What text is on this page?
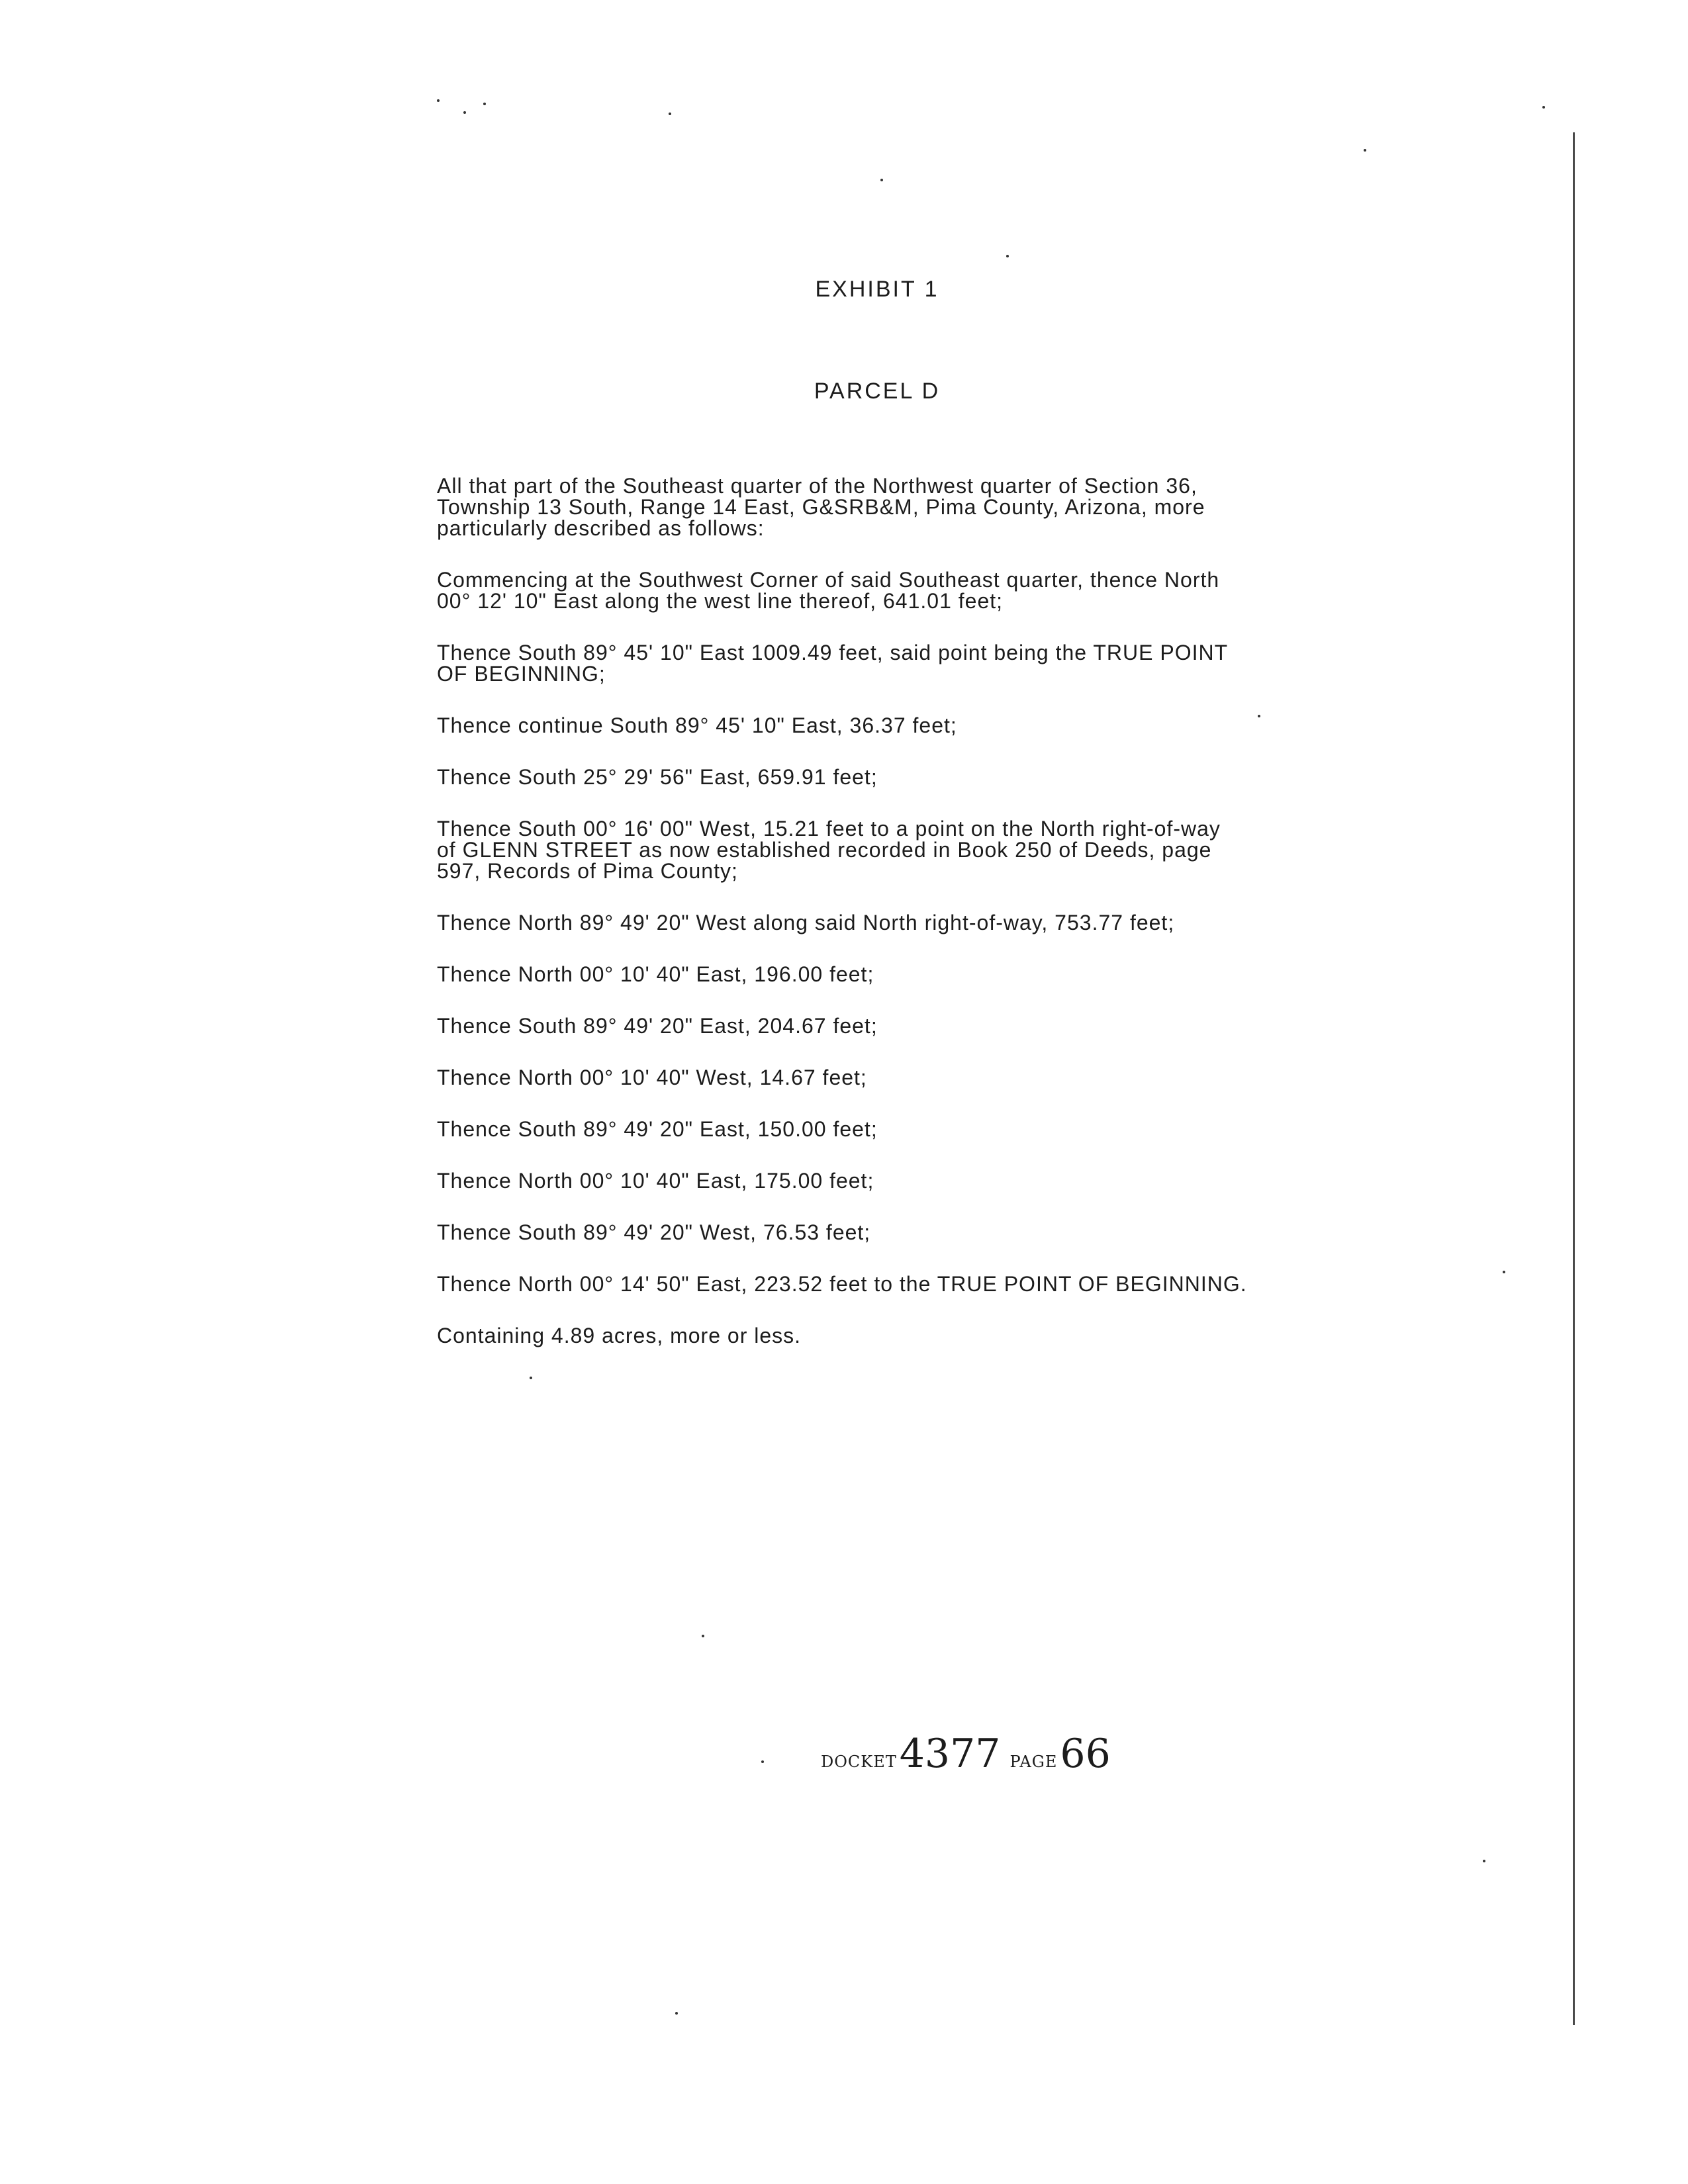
EXHIBIT 1
PARCEL D

All that part of the Southeast quarter of the Northwest quarter of Section 36,
Township 13 South, Range 14 East, G&SRB&M, Pima County, Arizona, more
particularly described as follows:

Commencing at the Southwest Corner of said Southeast quarter, thence North
00° 12' 10" East along the west line thereof, 641.01 feet;

Thence South 89° 45' 10" East 1009.49 feet, said point being the TRUE POINT
OF BEGINNING;

Thence continue South 89° 45' 10" East, 36.37 feet;

Thence South 25° 29' 56" East, 659.91 feet;

Thence South 00° 16' 00" West, 15.21 feet to a point on the North right-of-way
of GLENN STREET as now established recorded in Book 250 of Deeds, page
597, Records of Pima County;

Thence North 89° 49' 20" West along said North right-of-way, 753.77 feet;

Thence North 00° 10' 40" East, 196.00 feet;

Thence South 89° 49' 20" East, 204.67 feet;

Thence North 00° 10' 40" West, 14.67 feet;

Thence South 89° 49' 20" East, 150.00 feet;

Thence North 00° 10' 40" East, 175.00 feet;

Thence South 89° 49' 20" West, 76.53 feet;

Thence North 00° 14' 50" East, 223.52 feet to the TRUE POINT OF BEGINNING.

Containing 4.89 acres, more or less.

DOCKET4377 PAGE66
